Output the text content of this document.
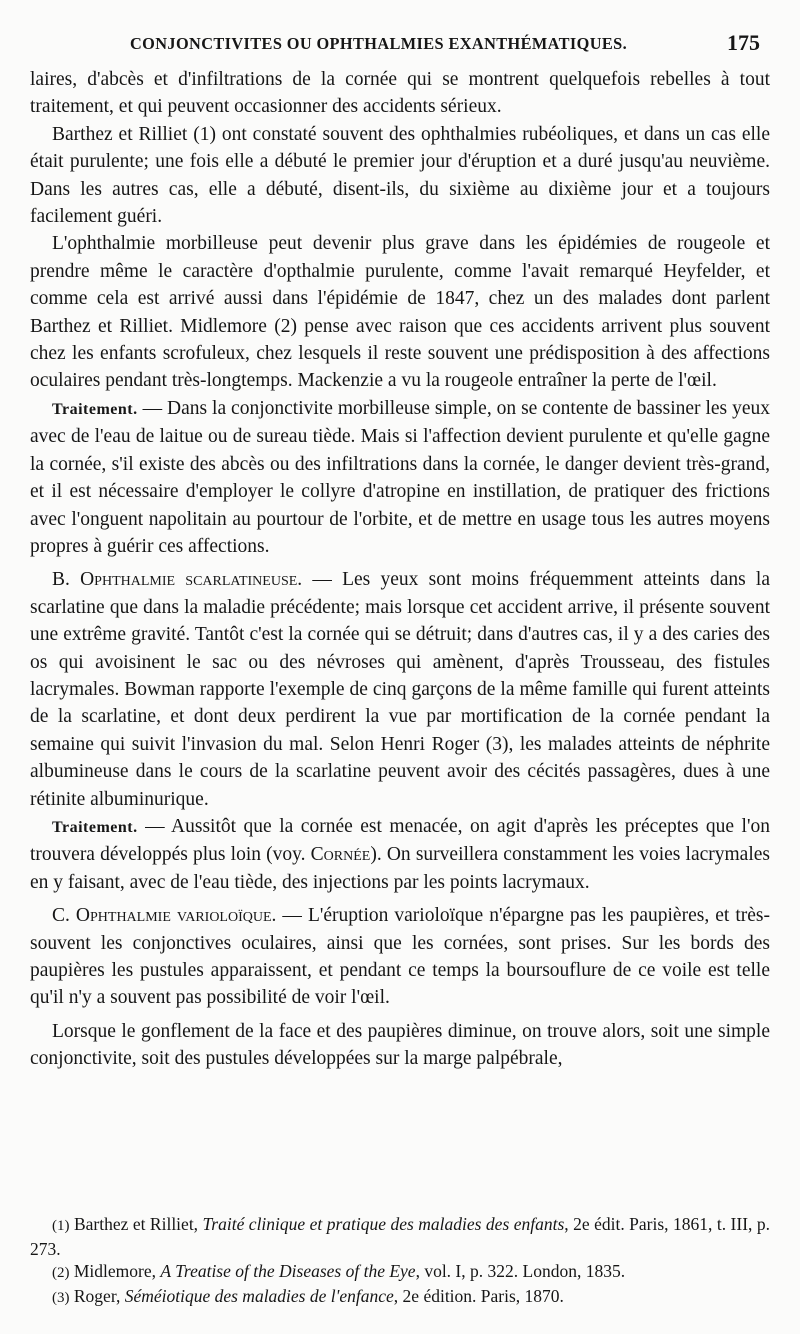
CONJONCTIVITES OU OPHTHALMIES EXANTHÉMATIQUES.	175

laires, d'abcès et d'infiltrations de la cornée qui se montrent quelquefois rebelles à tout traitement, et qui peuvent occasionner des accidents sérieux.

Barthez et Rilliet (1) ont constaté souvent des ophthalmies rubéoliques, et dans un cas elle était purulente; une fois elle a débuté le premier jour d'éruption et a duré jusqu'au neuvième. Dans les autres cas, elle a débuté, disent-ils, du sixième au dixième jour et a toujours facilement guéri.

L'ophthalmie morbilleuse peut devenir plus grave dans les épidémies de rougeole et prendre même le caractère d'opthalmie purulente, comme l'avait remarqué Heyfelder, et comme cela est arrivé aussi dans l'épidémie de 1847, chez un des malades dont parlent Barthez et Rilliet. Midlemore (2) pense avec raison que ces accidents arrivent plus souvent chez les enfants scrofuleux, chez lesquels il reste souvent une prédisposition à des affections oculaires pendant très-longtemps. Mackenzie a vu la rougeole entraîner la perte de l'œil.

Traitement. — Dans la conjonctivite morbilleuse simple, on se contente de bassiner les yeux avec de l'eau de laitue ou de sureau tiède. Mais si l'affection devient purulente et qu'elle gagne la cornée, s'il existe des abcès ou des infiltrations dans la cornée, le danger devient très-grand, et il est nécessaire d'employer le collyre d'atropine en instillation, de pratiquer des frictions avec l'onguent napolitain au pourtour de l'orbite, et de mettre en usage tous les autres moyens propres à guérir ces affections.

B. Ophthalmie scarlatineuse. — Les yeux sont moins fréquemment atteints dans la scarlatine que dans la maladie précédente; mais lorsque cet accident arrive, il présente souvent une extrême gravité. Tantôt c'est la cornée qui se détruit; dans d'autres cas, il y a des caries des os qui avoisinent le sac ou des névroses qui amènent, d'après Trousseau, des fistules lacrymales. Bowman rapporte l'exemple de cinq garçons de la même famille qui furent atteints de la scarlatine, et dont deux perdirent la vue par mortification de la cornée pendant la semaine qui suivit l'invasion du mal. Selon Henri Roger (3), les malades atteints de néphrite albumineuse dans le cours de la scarlatine peuvent avoir des cécités passagères, dues à une rétinite albuminurique.

Traitement. — Aussitôt que la cornée est menacée, on agit d'après les préceptes que l'on trouvera développés plus loin (voy. Cornée). On surveillera constamment les voies lacrymales en y faisant, avec de l'eau tiède, des injections par les points lacrymaux.

C. Ophthalmie varioloïque. — L'éruption varioloïque n'épargne pas les paupières, et très-souvent les conjonctives oculaires, ainsi que les cornées, sont prises. Sur les bords des paupières les pustules apparaissent, et pendant ce temps la boursouflure de ce voile est telle qu'il n'y a souvent pas possibilité de voir l'œil.

Lorsque le gonflement de la face et des paupières diminue, on trouve alors, soit une simple conjonctivite, soit des pustules développées sur la marge palpébrale,

(1) Barthez et Rilliet, Traité clinique et pratique des maladies des enfants, 2e édit. Paris, 1861, t. III, p. 273.

(2) Midlemore, A Treatise of the Diseases of the Eye, vol. I, p. 322. London, 1835.

(3) Roger, Séméiotique des maladies de l'enfance, 2e édition. Paris, 1870.
